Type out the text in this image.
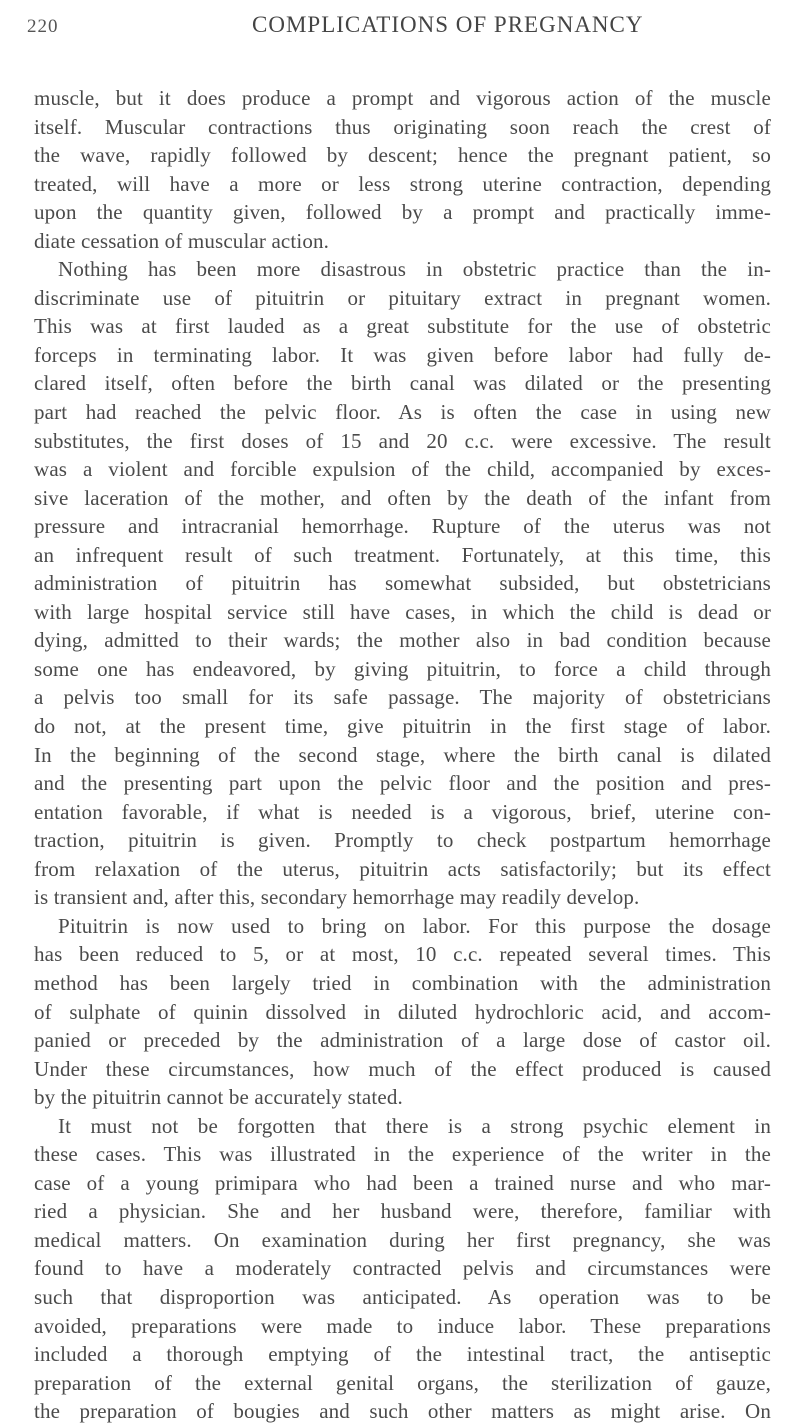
220	COMPLICATIONS OF PREGNANCY
muscle, but it does produce a prompt and vigorous action of the muscle
itself. Muscular contractions thus originating soon reach the crest of
the wave, rapidly followed by descent; hence the pregnant patient, so
treated, will have a more or less strong uterine contraction, depending
upon the quantity given, followed by a prompt and practically imme-
diate cessation of muscular action.
Nothing has been more disastrous in obstetric practice than the in-
discriminate use of pituitrin or pituitary extract in pregnant women.
This was at first lauded as a great substitute for the use of obstetric
forceps in terminating labor. It was given before labor had fully de-
clared itself, often before the birth canal was dilated or the presenting
part had reached the pelvic floor. As is often the case in using new
substitutes, the first doses of 15 and 20 c.c. were excessive. The result
was a violent and forcible expulsion of the child, accompanied by exces-
sive laceration of the mother, and often by the death of the infant from
pressure and intracranial hemorrhage. Rupture of the uterus was not
an infrequent result of such treatment. Fortunately, at this time, this
administration of pituitrin has somewhat subsided, but obstetricians
with large hospital service still have cases, in which the child is dead or
dying, admitted to their wards; the mother also in bad condition because
some one has endeavored, by giving pituitrin, to force a child through
a pelvis too small for its safe passage. The majority of obstetricians
do not, at the present time, give pituitrin in the first stage of labor.
In the beginning of the second stage, where the birth canal is dilated
and the presenting part upon the pelvic floor and the position and pres-
entation favorable, if what is needed is a vigorous, brief, uterine con-
traction, pituitrin is given. Promptly to check postpartum hemorrhage
from relaxation of the uterus, pituitrin acts satisfactorily; but its effect
is transient and, after this, secondary hemorrhage may readily develop.
Pituitrin is now used to bring on labor. For this purpose the dosage
has been reduced to 5, or at most, 10 c.c. repeated several times. This
method has been largely tried in combination with the administration
of sulphate of quinin dissolved in diluted hydrochloric acid, and accom-
panied or preceded by the administration of a large dose of castor oil.
Under these circumstances, how much of the effect produced is caused
by the pituitrin cannot be accurately stated.
It must not be forgotten that there is a strong psychic element in
these cases. This was illustrated in the experience of the writer in the
case of a young primipara who had been a trained nurse and who mar-
ried a physician. She and her husband were, therefore, familiar with
medical matters. On examination during her first pregnancy, she was
found to have a moderately contracted pelvis and circumstances were
such that disproportion was anticipated. As operation was to be
avoided, preparations were made to induce labor. These preparations
included a thorough emptying of the intestinal tract, the antiseptic
preparation of the external genital organs, the sterilization of gauze,
the preparation of bougies and such other matters as might arise. On
